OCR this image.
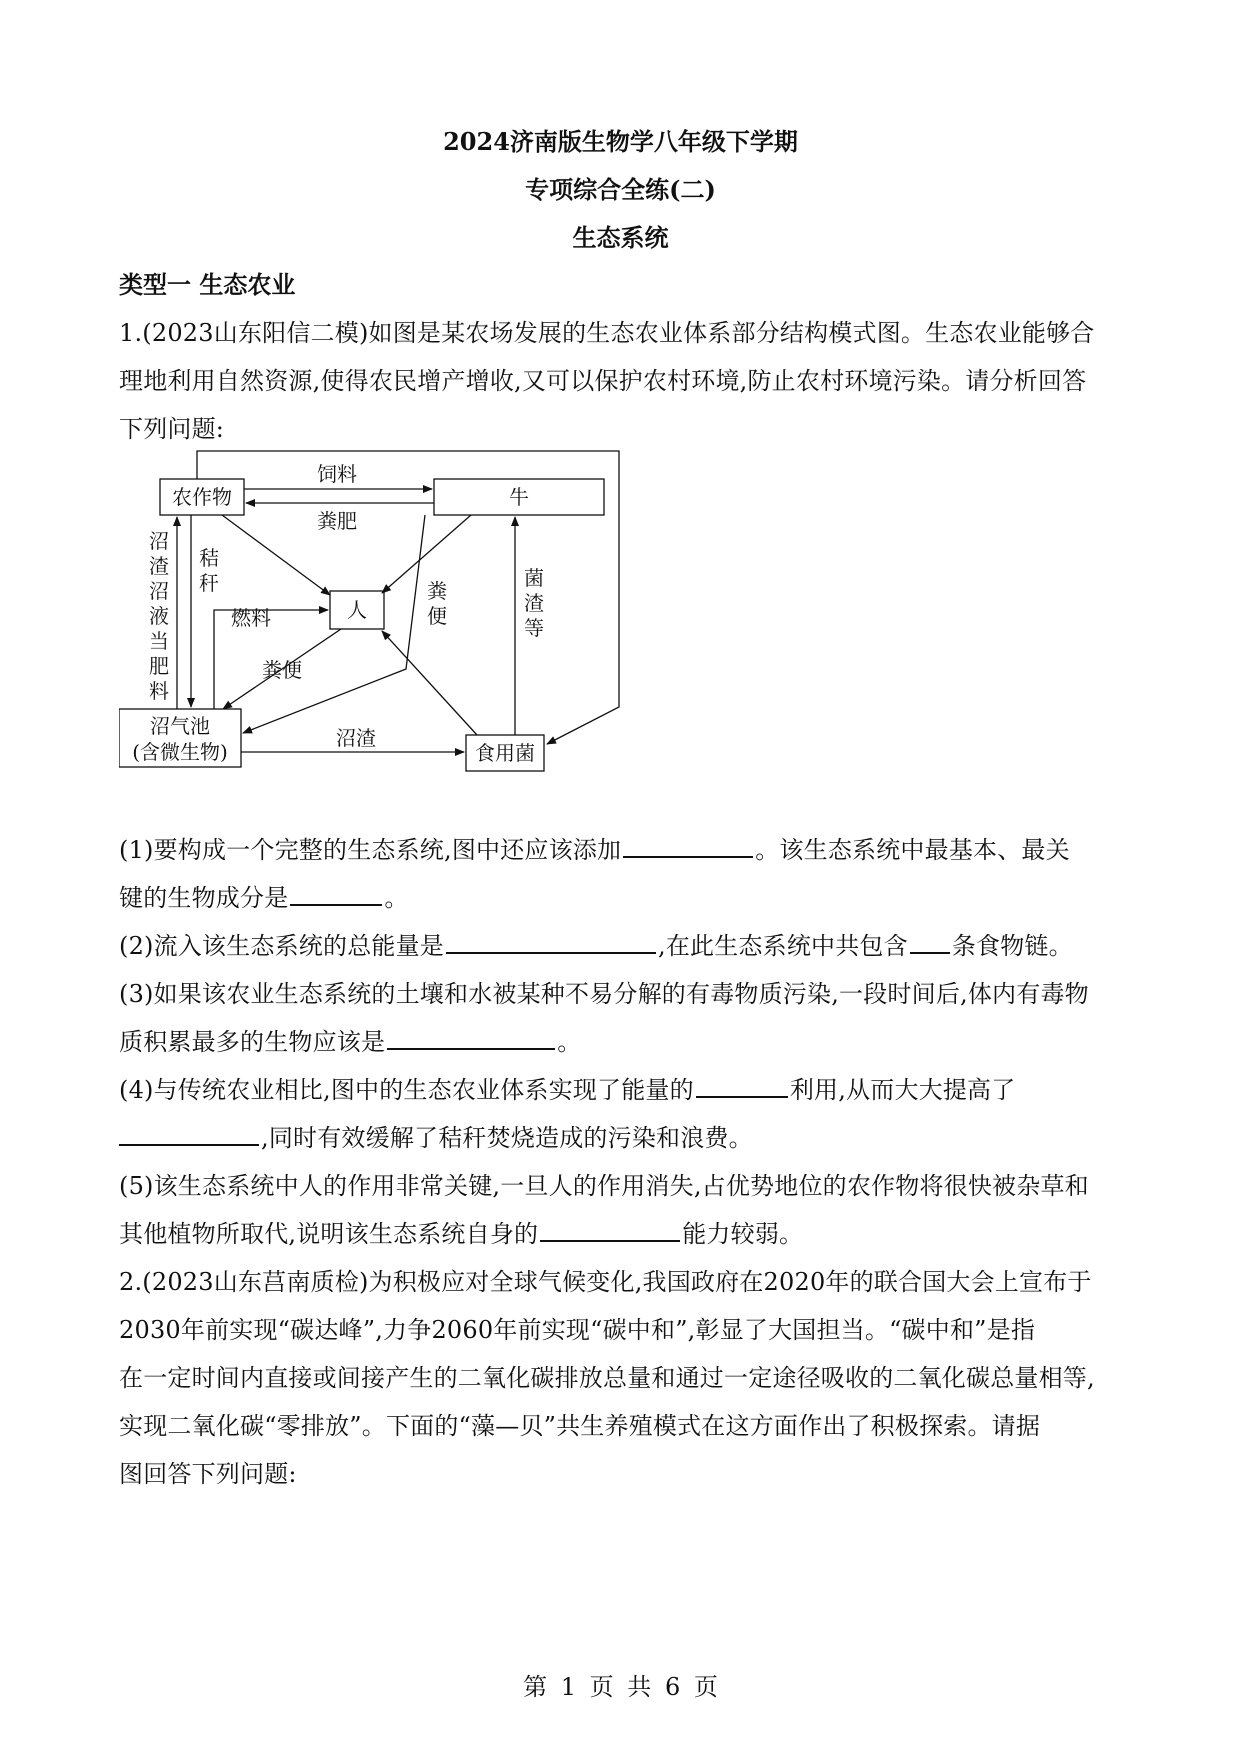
2024济南版生物学八年级下学期
专项综合全练(二)
生态系统
类型一 生态农业
1.(2023山东阳信二模)如图是某农场发展的生态农业体系部分结构模式图。生态农业能够合
理地利用自然资源,使得农民增产增收,又可以保护农村环境,防止农村环境污染。请分析回答
下列问题:
农作物	牛
人
沼气池
(含微生物)	食用菌
饲料
粪肥
沼
渣
沼
液
当
肥
料
秸
秆
燃料
粪便
粪
便
菌
渣
等
沼渣
(1)要构成一个完整的生态系统,图中还应该添加	。该生态系统中最基本、最关
键的生物成分是	。
(2)流入该生态系统的总能量是	,在此生态系统中共包含 条食物链。
(3)如果该农业生态系统的土壤和水被某种不易分解的有毒物质污染,一段时间后,体内有毒物
质积累最多的生物应该是	。
(4)与传统农业相比,图中的生态农业体系实现了能量的	利用,从而大大提高了
,同时有效缓解了秸秆焚烧造成的污染和浪费。
(5)该生态系统中人的作用非常关键,一旦人的作用消失,占优势地位的农作物将很快被杂草和
其他植物所取代,说明该生态系统自身的	能力较弱。
2.(2023山东莒南质检)为积极应对全球气候变化,我国政府在2020年的联合国大会上宣布于
2030年前实现“碳达峰”,力争2060年前实现“碳中和”,彰显了大国担当。“碳中和”是指
在一定时间内直接或间接产生的二氧化碳排放总量和通过一定途径吸收的二氧化碳总量相等,
实现二氧化碳“零排放”。下面的“藻—贝”共生养殖模式在这方面作出了积极探索。请据
图回答下列问题:
第 1 页 共 6 页
